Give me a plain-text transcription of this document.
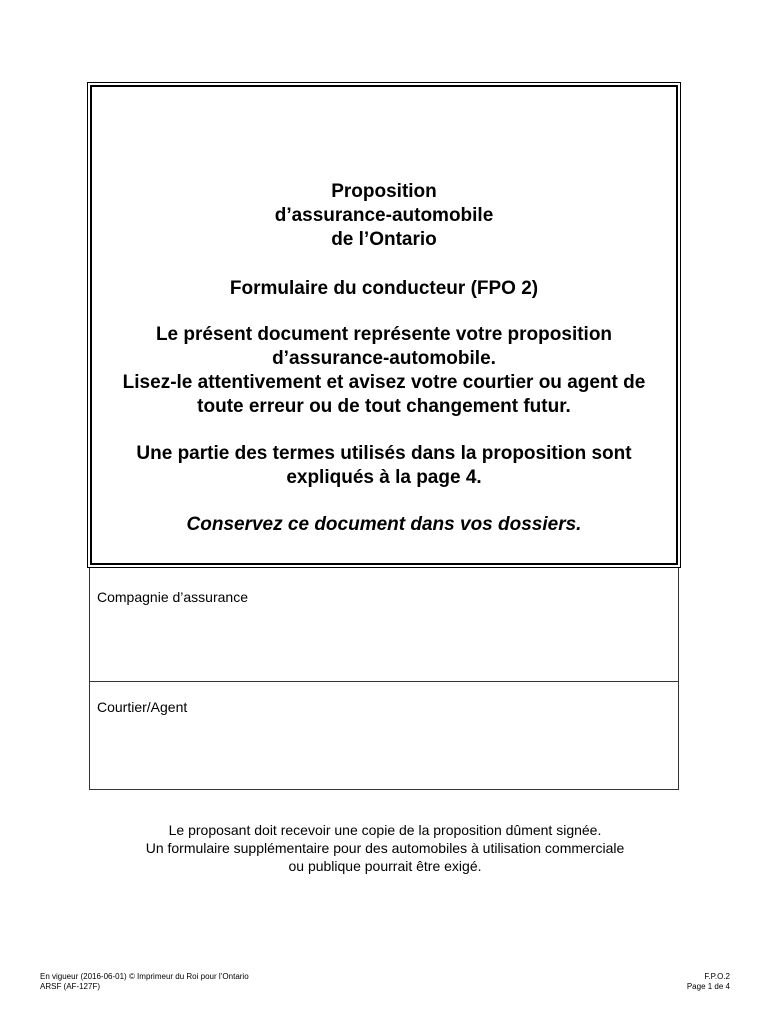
Proposition
d’assurance-automobile
de l’Ontario
Formulaire du conducteur (FPO 2)
Le présent document représente votre proposition
d’assurance-automobile.
Lisez-le attentivement et avisez votre courtier ou agent de
toute erreur ou de tout changement futur.
Une partie des termes utilisés dans la proposition sont
expliqués à la page 4.
Conservez ce document dans vos dossiers.
Compagnie d’assurance
Courtier/Agent
Le proposant doit recevoir une copie de la proposition dûment signée.
Un formulaire supplémentaire pour des automobiles à utilisation commerciale
ou publique pourrait être exigé.
En vigueur (2016-06-01) © Imprimeur du Roi pour l’Ontario
ARSF (AF-127F)
F.P.O.2
Page 1 de 4
